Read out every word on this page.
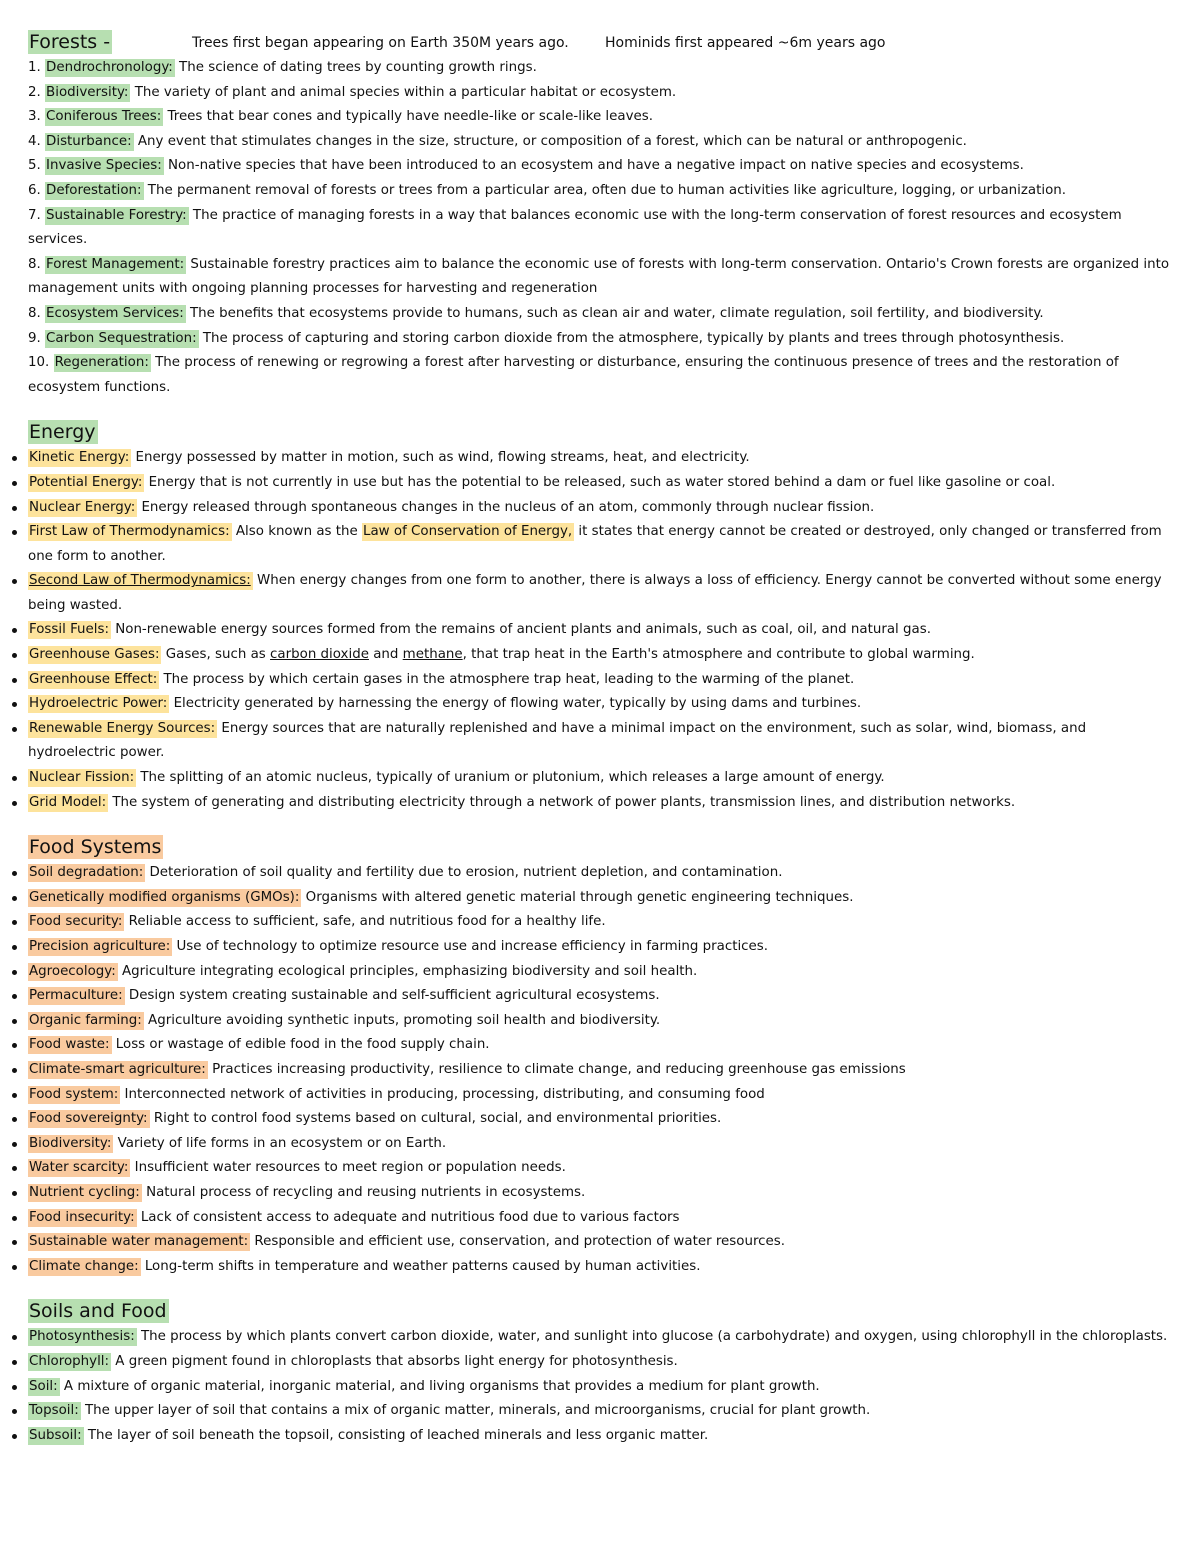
Forests -	Trees first began appearing on Earth 350M years ago.	Hominids first appeared ~6m years ago
1. Dendrochronology: The science of dating trees by counting growth rings.
2. Biodiversity: The variety of plant and animal species within a particular habitat or ecosystem.
3. Coniferous Trees: Trees that bear cones and typically have needle-like or scale-like leaves.
4. Disturbance: Any event that stimulates changes in the size, structure, or composition of a forest, which can be natural or anthropogenic.
5. Invasive Species: Non-native species that have been introduced to an ecosystem and have a negative impact on native species and ecosystems.
6. Deforestation: The permanent removal of forests or trees from a particular area, often due to human activities like agriculture, logging, or urbanization.
7. Sustainable Forestry: The practice of managing forests in a way that balances economic use with the long-term conservation of forest resources and ecosystem services.
8. Forest Management: Sustainable forestry practices aim to balance the economic use of forests with long-term conservation. Ontario's Crown forests are organized into management units with ongoing planning processes for harvesting and regeneration
8. Ecosystem Services: The benefits that ecosystems provide to humans, such as clean air and water, climate regulation, soil fertility, and biodiversity.
9. Carbon Sequestration: The process of capturing and storing carbon dioxide from the atmosphere, typically by plants and trees through photosynthesis.
10. Regeneration: The process of renewing or regrowing a forest after harvesting or disturbance, ensuring the continuous presence of trees and the restoration of ecosystem functions.
Energy
Kinetic Energy: Energy possessed by matter in motion, such as wind, flowing streams, heat, and electricity.
Potential Energy: Energy that is not currently in use but has the potential to be released, such as water stored behind a dam or fuel like gasoline or coal.
Nuclear Energy: Energy released through spontaneous changes in the nucleus of an atom, commonly through nuclear fission.
First Law of Thermodynamics: Also known as the Law of Conservation of Energy, it states that energy cannot be created or destroyed, only changed or transferred from one form to another.
Second Law of Thermodynamics: When energy changes from one form to another, there is always a loss of efficiency. Energy cannot be converted without some energy being wasted.
Fossil Fuels: Non-renewable energy sources formed from the remains of ancient plants and animals, such as coal, oil, and natural gas.
Greenhouse Gases: Gases, such as carbon dioxide and methane, that trap heat in the Earth's atmosphere and contribute to global warming.
Greenhouse Effect: The process by which certain gases in the atmosphere trap heat, leading to the warming of the planet.
Hydroelectric Power: Electricity generated by harnessing the energy of flowing water, typically by using dams and turbines.
Renewable Energy Sources: Energy sources that are naturally replenished and have a minimal impact on the environment, such as solar, wind, biomass, and hydroelectric power.
Nuclear Fission: The splitting of an atomic nucleus, typically of uranium or plutonium, which releases a large amount of energy.
Grid Model: The system of generating and distributing electricity through a network of power plants, transmission lines, and distribution networks.
Food Systems
Soil degradation: Deterioration of soil quality and fertility due to erosion, nutrient depletion, and contamination.
Genetically modified organisms (GMOs): Organisms with altered genetic material through genetic engineering techniques.
Food security: Reliable access to sufficient, safe, and nutritious food for a healthy life.
Precision agriculture: Use of technology to optimize resource use and increase efficiency in farming practices.
Agroecology: Agriculture integrating ecological principles, emphasizing biodiversity and soil health.
Permaculture: Design system creating sustainable and self-sufficient agricultural ecosystems.
Organic farming: Agriculture avoiding synthetic inputs, promoting soil health and biodiversity.
Food waste: Loss or wastage of edible food in the food supply chain.
Climate-smart agriculture: Practices increasing productivity, resilience to climate change, and reducing greenhouse gas emissions
Food system: Interconnected network of activities in producing, processing, distributing, and consuming food
Food sovereignty: Right to control food systems based on cultural, social, and environmental priorities.
Biodiversity: Variety of life forms in an ecosystem or on Earth.
Water scarcity: Insufficient water resources to meet region or population needs.
Nutrient cycling: Natural process of recycling and reusing nutrients in ecosystems.
Food insecurity: Lack of consistent access to adequate and nutritious food due to various factors
Sustainable water management: Responsible and efficient use, conservation, and protection of water resources.
Climate change: Long-term shifts in temperature and weather patterns caused by human activities.
Soils and Food
Photosynthesis: The process by which plants convert carbon dioxide, water, and sunlight into glucose (a carbohydrate) and oxygen, using chlorophyll in the chloroplasts.
Chlorophyll: A green pigment found in chloroplasts that absorbs light energy for photosynthesis.
Soil: A mixture of organic material, inorganic material, and living organisms that provides a medium for plant growth.
Topsoil: The upper layer of soil that contains a mix of organic matter, minerals, and microorganisms, crucial for plant growth.
Subsoil: The layer of soil beneath the topsoil, consisting of leached minerals and less organic matter.
